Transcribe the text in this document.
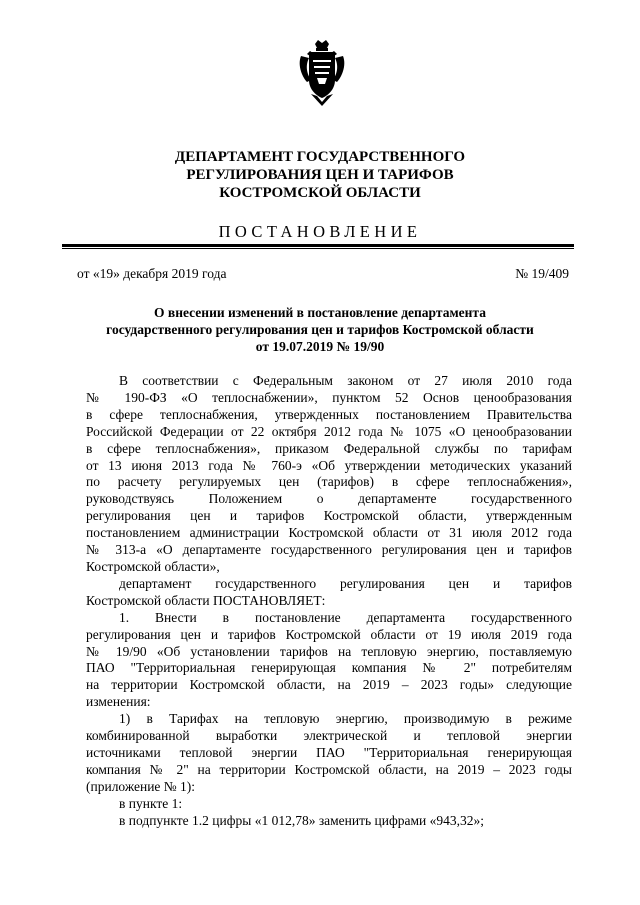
ДЕПАРТАМЕНТ ГОСУДАРСТВЕННОГО
РЕГУЛИРОВАНИЯ ЦЕН И ТАРИФОВ
КОСТРОМСКОЙ ОБЛАСТИ
ПОСТАНОВЛЕНИЕ
от «19» декабря 2019 года	№ 19/409
О внесении изменений в постановление департамента
государственного регулирования цен и тарифов Костромской области
от 19.07.2019 № 19/90

В соответствии с Федеральным законом от 27 июля 2010 года

№ 190-ФЗ «О теплоснабжении», пунктом 52 Основ ценообразования

в сфере теплоснабжения, утвержденных постановлением Правительства

Российской Федерации от 22 октября 2012 года № 1075 «О ценообразовании

в сфере теплоснабжения», приказом Федеральной службы по тарифам

от 13 июня 2013 года № 760-э «Об утверждении методических указаний

по расчету регулируемых цен (тарифов) в сфере теплоснабжения»,

руководствуясь Положением о департаменте государственного

регулирования цен и тарифов Костромской области, утвержденным

постановлением администрации Костромской области от 31 июля 2012 года

№ 313-а «О департаменте государственного регулирования цен и тарифов

Костромской области»,

департамент государственного регулирования цен и тарифов

Костромской области ПОСТАНОВЛЯЕТ:

1. Внести в постановление департамента государственного

регулирования цен и тарифов Костромской области от 19 июля 2019 года

№ 19/90 «Об установлении тарифов на тепловую энергию, поставляемую

ПАО "Территориальная генерирующая компания № 2" потребителям

на территории Костромской области, на 2019 – 2023 годы» следующие

изменения:

1) в Тарифах на тепловую энергию, производимую в режиме

комбинированной выработки электрической и тепловой энергии

источниками тепловой энергии ПАО "Территориальная генерирующая

компания № 2" на территории Костромской области, на 2019 – 2023 годы

(приложение № 1):

в пункте 1:

в подпункте 1.2 цифры «1 012,78» заменить цифрами «943,32»;
